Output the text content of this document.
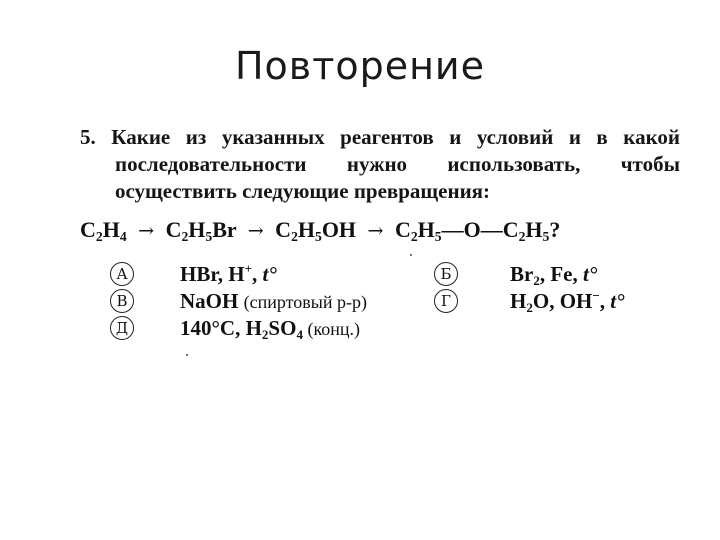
Повторение
5. Какие из указанных реагентов и условий и в какой последовательности нужно использовать, чтобы осуществить следующие превращения:
$C_2H_4 \to C_2H_5Br \to C_2H_5OH$ → $C_2H_5—O—C_2H_5$?
А	HBr, H+, t°	Б	$Br_2$, Fe, t°
В	NaOH (спиртовый р-р)	Г	$H_2O$, OH−, t°
Д 140°C, $H_2SO_4$ (конц.)
